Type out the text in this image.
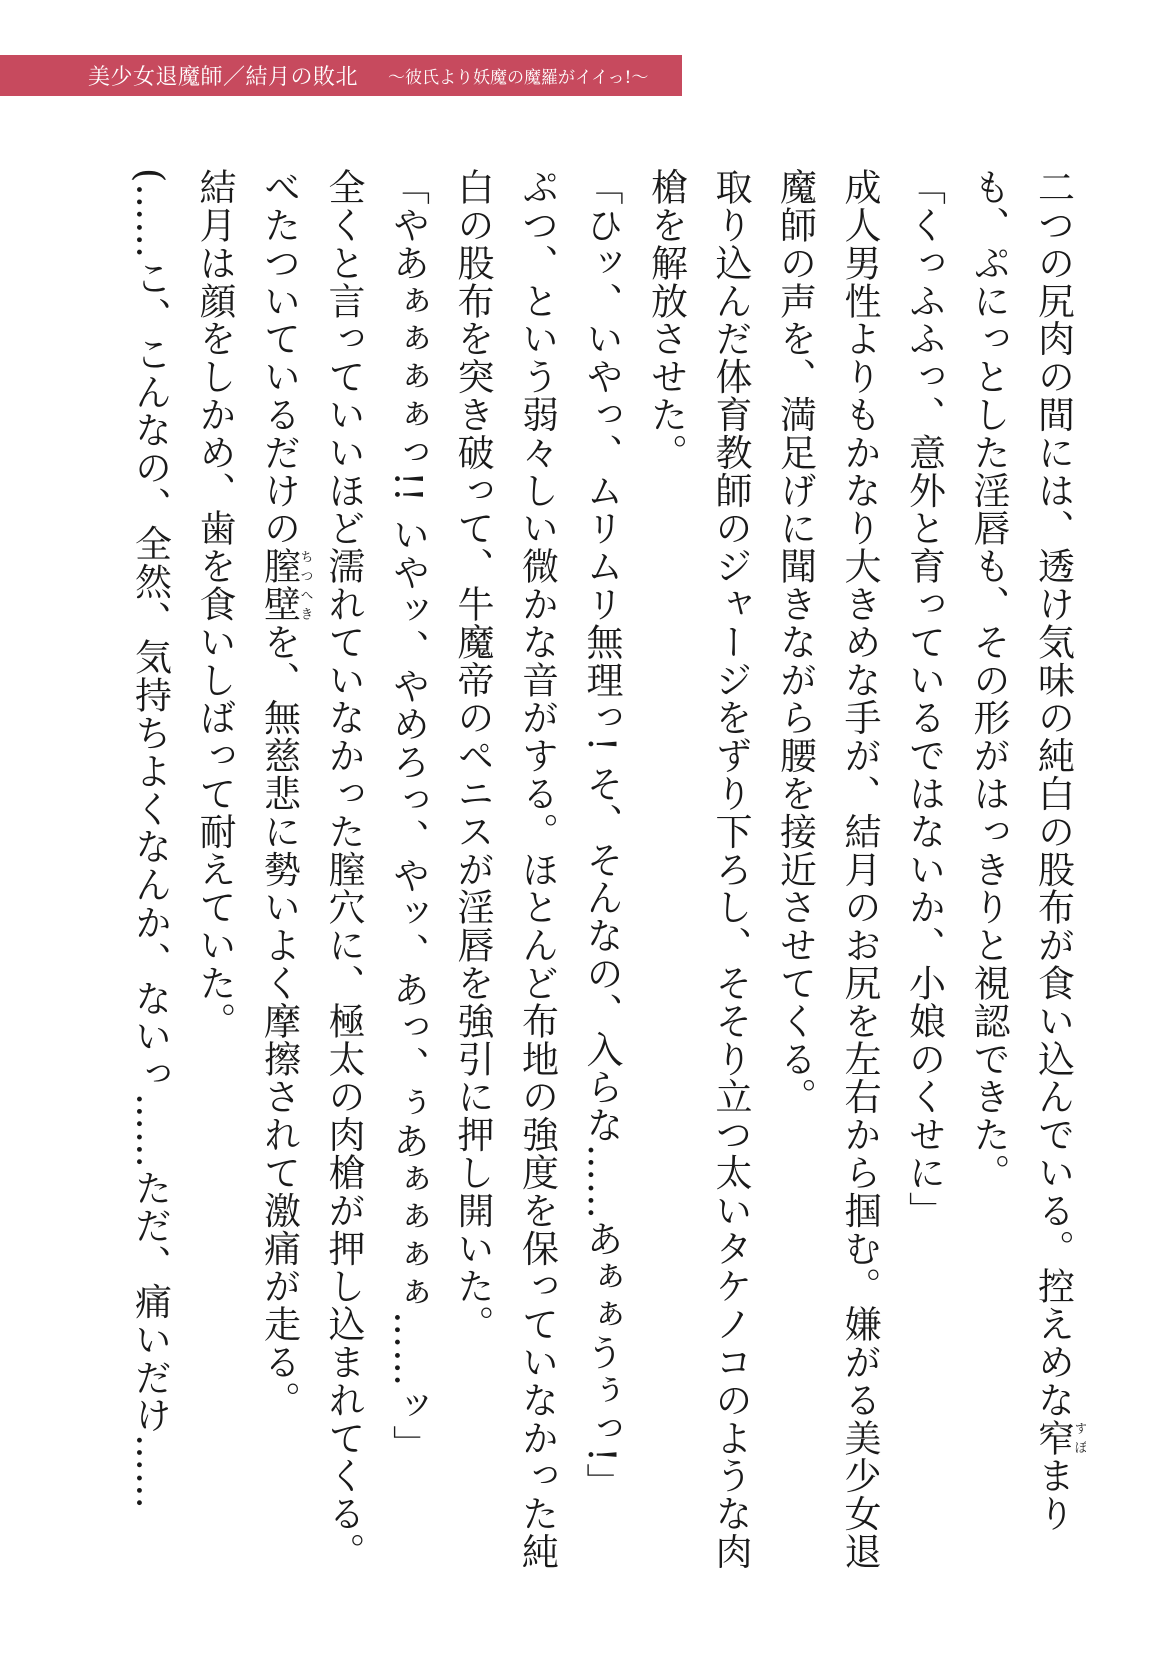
美少女退魔師／結月の敗北 〜彼氏より妖魔の魔羅がイイっ!〜

二つの尻肉の間には、透け気味の純白の股布が食い込んでいる。控えめな窄すぼまりも、ぷにっとした淫唇も、その形がはっきりと視認できた。

「くっふふっ、意外と育っているではないか、小娘のくせに」

成人男性よりもかなり大きめな手が、結月のお尻を左右から掴む。嫌がる美少女退魔師の声を、満足げに聞きながら腰を接近させてくる。

取り込んだ体育教師のジャージをずり下ろし、そそり立つ太いタケノコのような肉槍を解放させた。

「ひッ、いやっ、ムリムリ無理っ! そ、そんなの、入らな……あぁぁうぅっ!」

ぷつ、という弱々しい微かな音がする。ほとんど布地の強度を保っていなかった純白の股布を突き破って、牛魔帝のペニスが淫唇を強引に押し開いた。

「やあぁぁぁぁっ!! いやッ、やめろっ、やッ、あっ、ぅあぁぁぁぁ……ッ」

全くと言っていいほど濡れていなかった膣穴に、極太の肉槍が押し込まれてくる。べたついているだけの膣壁ちつへきを、無慈悲に勢いよく摩擦されて激痛が走る。

結月は顔をしかめ、歯を食いしばって耐えていた。

(……こ、こんなの、全然、気持ちよくなんか、ないっ……ただ、痛いだけ……
